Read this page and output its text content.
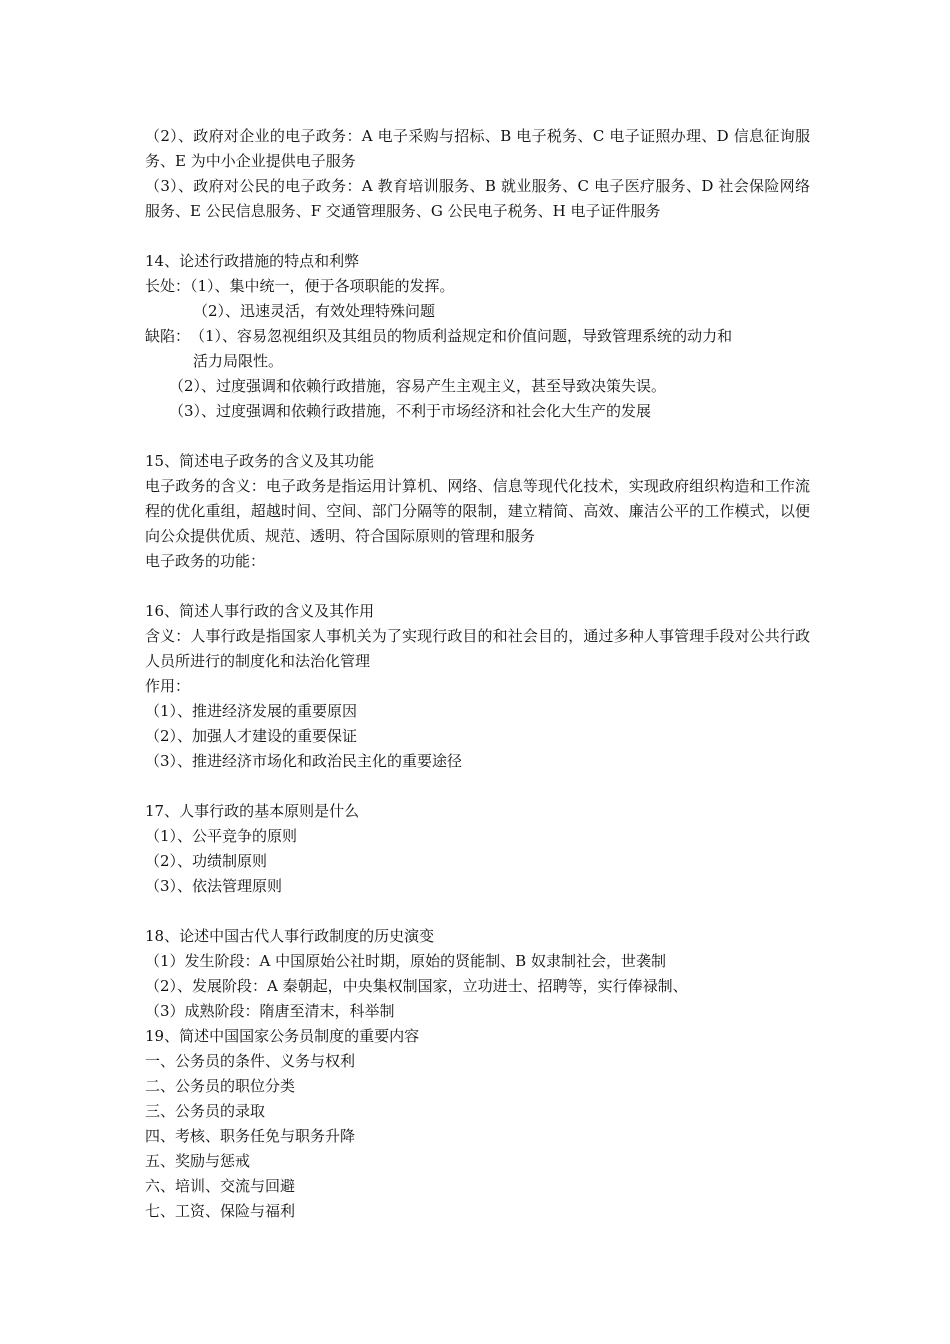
（2）、政府对企业的电子政务：A 电子采购与招标、B 电子税务、C 电子证照办理、D 信息征询服务、E 为中小企业提供电子服务
（3）、政府对公民的电子政务：A 教育培训服务、B 就业服务、C 电子医疗服务、D 社会保险网络服务、E 公民信息服务、F 交通管理服务、G 公民电子税务、H 电子证件服务
14、论述行政措施的特点和利弊
长处：（1）、集中统一，便于各项职能的发挥。
（2）、迅速灵活，有效处理特殊问题
缺陷： （1）、容易忽视组织及其组员的物质利益规定和价值问题，导致管理系统的动力和
活力局限性。
（2）、过度强调和依赖行政措施，容易产生主观主义，甚至导致决策失误。
（3）、过度强调和依赖行政措施，不利于市场经济和社会化大生产的发展
15、简述电子政务的含义及其功能
电子政务的含义：电子政务是指运用计算机、网络、信息等现代化技术，实现政府组织构造和工作流程的优化重组，超越时间、空间、部门分隔等的限制，建立精简、高效、廉洁公平的工作模式，以便向公众提供优质、规范、透明、符合国际原则的管理和服务
电子政务的功能：
16、简述人事行政的含义及其作用
含义：人事行政是指国家人事机关为了实现行政目的和社会目的，通过多种人事管理手段对公共行政人员所进行的制度化和法治化管理
作用：
（1）、推进经济发展的重要原因
（2）、加强人才建设的重要保证
（3）、推进经济市场化和政治民主化的重要途径
17、人事行政的基本原则是什么
（1）、公平竞争的原则
（2）、功绩制原则
（3）、依法管理原则
18、论述中国古代人事行政制度的历史演变
（1）发生阶段：A 中国原始公社时期，原始的贤能制、B 奴隶制社会，世袭制
（2）、发展阶段：A 秦朝起，中央集权制国家，立功进士、招聘等，实行俸禄制、
（3）成熟阶段：隋唐至清末，科举制
19、简述中国国家公务员制度的重要内容
一、公务员的条件、义务与权利
二、公务员的职位分类
三、公务员的录取
四、考核、职务任免与职务升降
五、奖励与惩戒
六、培训、交流与回避
七、工资、保险与福利
